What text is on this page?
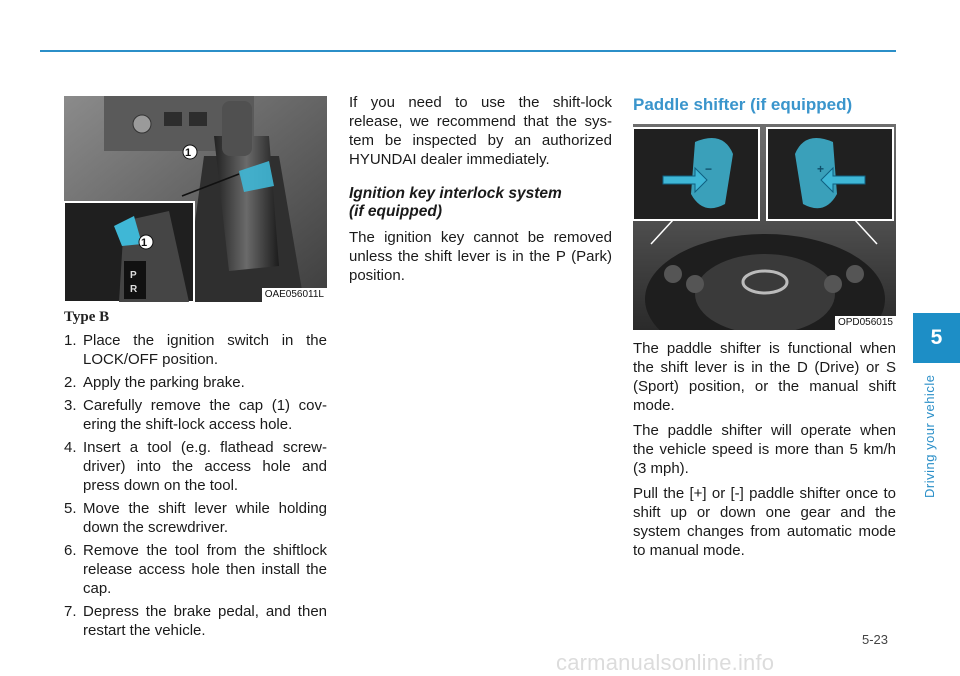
1
1
P
R	OAE056011L
Type B
1. Place the ignition switch in the LOCK/OFF position.
2. Apply the parking brake.
3. Carefully remove the cap (1) cov-ering the shift-lock access hole.
4. Insert a tool (e.g. flathead screw-driver) into the access hole and press down on the tool.
5. Move the shift lever while holding down the screwdriver.
6. Remove the tool from the shiftlock release access hole then install the cap.
7. Depress the brake pedal, and then restart the vehicle.

If you need to use the shift-lock release, we recommend that the sys-tem be inspected by an authorized HYUNDAI dealer immediately.

Ignition key interlock system
(if equipped)

The ignition key cannot be removed unless the shift lever is in the P (Park) position.

Paddle shifter (if equipped)
−	+
OPD056015

The paddle shifter is functional when the shift lever is in the D (Drive) or S (Sport) position, or the manual shift mode.

The paddle shifter will operate when the vehicle speed is more than 5 km/h (3 mph).

Pull the [+] or [-] paddle shifter once to shift up or down one gear and the system changes from automatic mode to manual mode.

5
Driving your vehicle
5-23
carmanualsonline.info
